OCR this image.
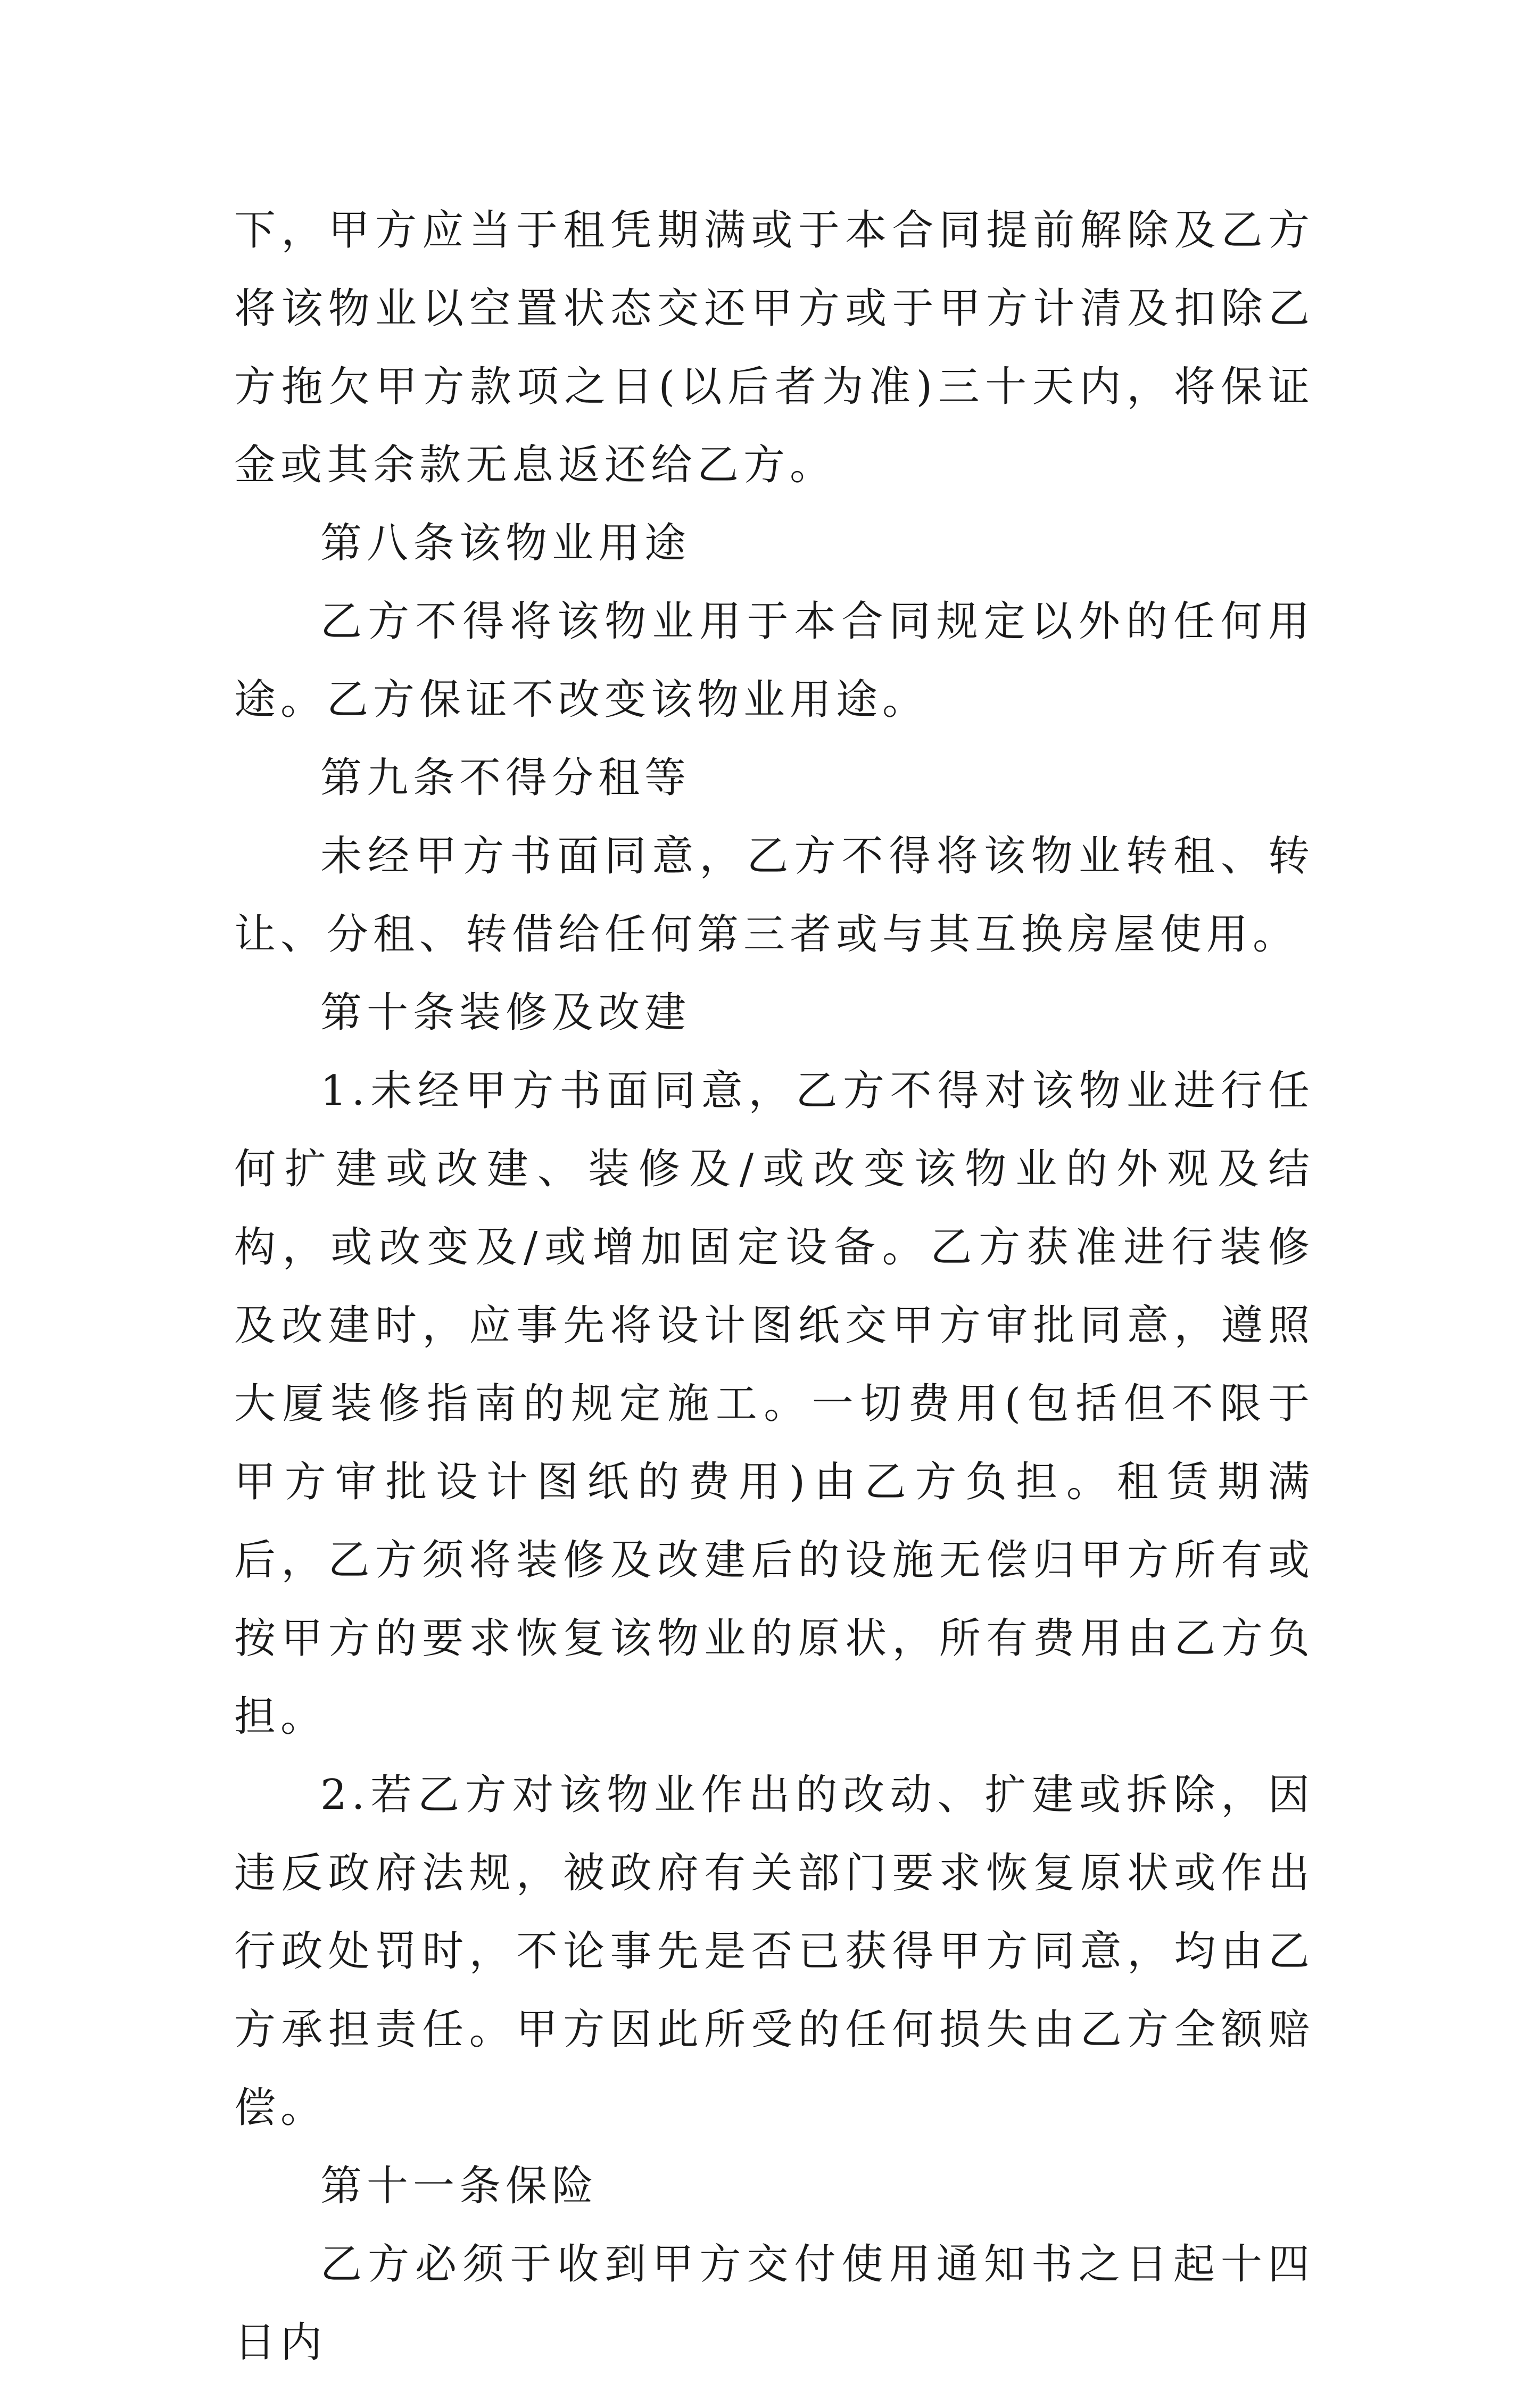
下，甲方应当于租凭期满或于本合同提前解除及乙方将该物业以空置状态交还甲方或于甲方计清及扣除乙方拖欠甲方款项之日(以后者为准)三十天内，将保证金或其余款无息返还给乙方。

第八条该物业用途

乙方不得将该物业用于本合同规定以外的任何用途。乙方保证不改变该物业用途。

第九条不得分租等

未经甲方书面同意，乙方不得将该物业转租、转让、分租、转借给任何第三者或与其互换房屋使用。

第十条装修及改建

1.未经甲方书面同意，乙方不得对该物业进行任何扩建或改建、装修及/或改变该物业的外观及结构，或改变及/或增加固定设备。乙方获准进行装修及改建时，应事先将设计图纸交甲方审批同意，遵照大厦装修指南的规定施工。一切费用(包括但不限于甲方审批设计图纸的费用)由乙方负担。租赁期满后，乙方须将装修及改建后的设施无偿归甲方所有或按甲方的要求恢复该物业的原状，所有费用由乙方负担。

2.若乙方对该物业作出的改动、扩建或拆除，因违反政府法规，被政府有关部门要求恢复原状或作出行政处罚时，不论事先是否已获得甲方同意，均由乙方承担责任。甲方因此所受的任何损失由乙方全额赔偿。

第十一条保险

乙方必须于收到甲方交付使用通知书之日起十四日内
